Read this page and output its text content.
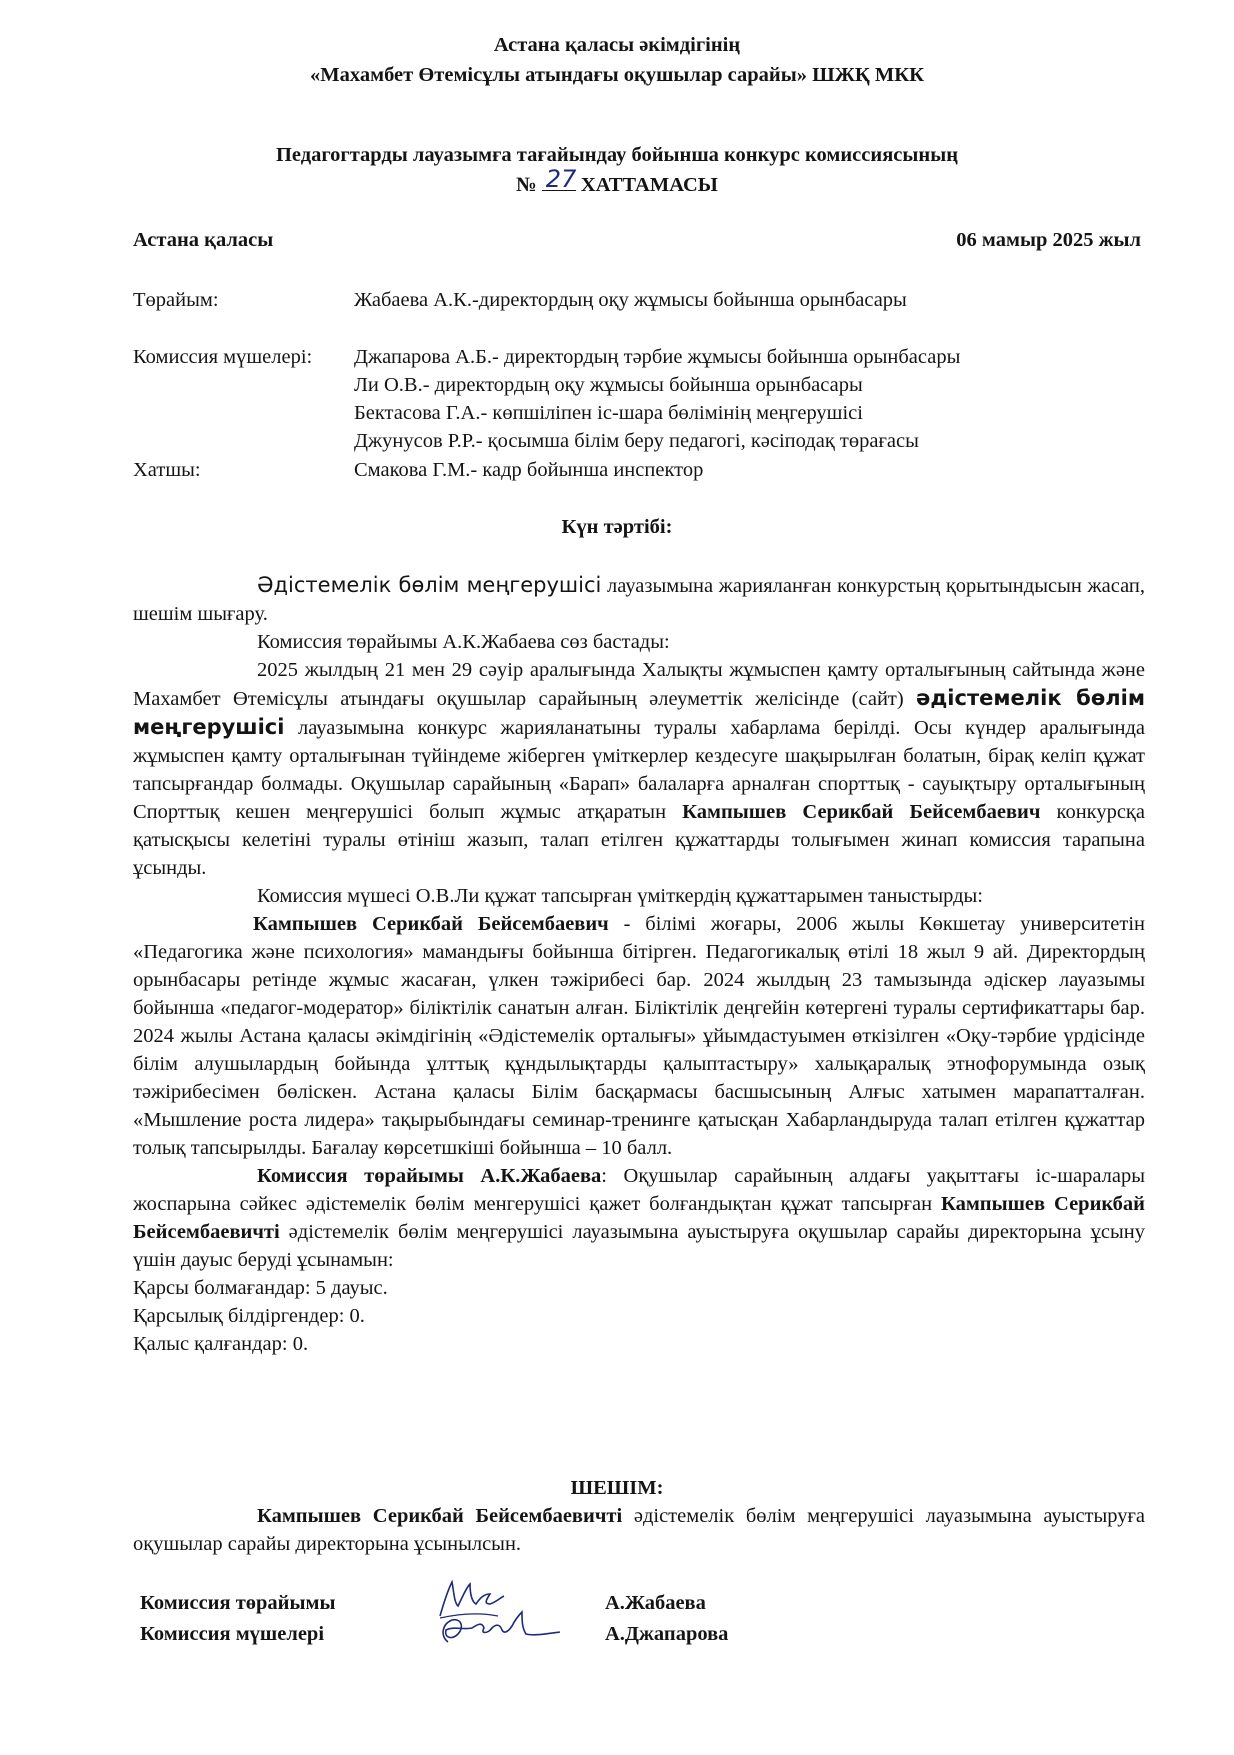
Астана қаласы әкімдігінің
«Махамбет Өтемісұлы атындағы оқушылар сарайы» ШЖҚ МКК
Педагогтарды лауазымға тағайындау бойынша конкурс комиссиясының
№ 27 ХАТТАМАСЫ
Астана қаласы	06 мамыр 2025 жыл
Төрайым:	Жабаева А.К.-директордың оқу жұмысы бойынша орынбасары
Комиссия мүшелері: Джапарова А.Б.- директордың тәрбие жұмысы бойынша орынбасары
Ли О.В.- директордың оқу жұмысы бойынша орынбасары
Бектасова Г.А.- көпшіліпен іс-шара бөлімінің меңгерушісі
Джунусов Р.Р.- қосымша білім беру педагогі, кәсіподақ төрағасы
Хатшы:	Смакова Г.М.- кадр бойынша инспектор
Күн тәртібі:

Әдістемелік бөлім меңгерушісі лауазымына жарияланған конкурстың қорытындысын жасап, шешім шығару.

Комиссия төрайымы А.К.Жабаева сөз бастады:

2025 жылдың 21 мен 29 сәуір аралығында Халықты жұмыспен қамту орталығының сайтында және Махамбет Өтемісұлы атындағы оқушылар сарайының әлеуметтік желісінде (сайт) әдістемелік бөлім меңгерушісі лауазымына конкурс жарияланатыны туралы хабарлама берілді. Осы күндер аралығында жұмыспен қамту орталығынан түйіндеме жіберген үміткерлер кездесуге шақырылған болатын, бірақ келіп құжат тапсырғандар болмады. Оқушылар сарайының «Барап» балаларға арналған спорттық - сауықтыру орталығының Спорттық кешен меңгерушісі болып жұмыс атқаратын Кампышев Серикбай Бейсембаевич конкурсқа қатысқысы келетіні туралы өтініш жазып, талап етілген құжаттарды толығымен жинап комиссия тарапына ұсынды.

Комиссия мүшесі О.В.Ли құжат тапсырған үміткердің құжаттарымен таныстырды:

Кампышев Серикбай Бейсембаевич - білімі жоғары, 2006 жылы Көкшетау университетін «Педагогика және психология» мамандығы бойынша бітірген. Педагогикалық өтілі 18 жыл 9 ай. Директордың орынбасары ретінде жұмыс жасаған, үлкен тәжірибесі бар. 2024 жылдың 23 тамызында әдіскер лауазымы бойынша «педагог-модератор» біліктілік санатын алған. Біліктілік деңгейін көтергені туралы сертификаттары бар. 2024 жылы Астана қаласы әкімдігінің «Әдістемелік орталығы» ұйымдастуымен өткізілген «Оқу-тәрбие үрдісінде білім алушылардың бойында ұлттық құндылықтарды қалыптастыру» халықаралық этнофорумында озық тәжірибесімен бөліскен. Астана қаласы Білім басқармасы басшысының Алғыс хатымен марапатталған. «Мышление роста лидера» тақырыбындағы семинар-тренинге қатысқан Хабарландыруда талап етілген құжаттар толық тапсырылды. Бағалау көрсетшкіші бойынша – 10 балл.

Комиссия төрайымы А.К.Жабаева: Оқушылар сарайының алдағы уақыттағы іс-шаралары жоспарына сәйкес әдістемелік бөлім менгерушісі қажет болғандықтан құжат тапсырған Кампышев Серикбай Бейсембаевичті әдістемелік бөлім меңгерушісі лауазымына ауыстыруға оқушылар сарайы директорына ұсыну үшін дауыс беруді ұсынамын:

Қарсы болмағандар: 5 дауыс.

Қарсылық білдіргендер: 0.

Қалыс қалғандар: 0.

ШЕШІМ:

Кампышев Серикбай Бейсембаевичті әдістемелік бөлім меңгерушісі лауазымына ауыстыруға оқушылар сарайы директорына ұсынылсын.

Комиссия төрайымы	А.Жабаева
Комиссия мүшелері	А.Джапарова
